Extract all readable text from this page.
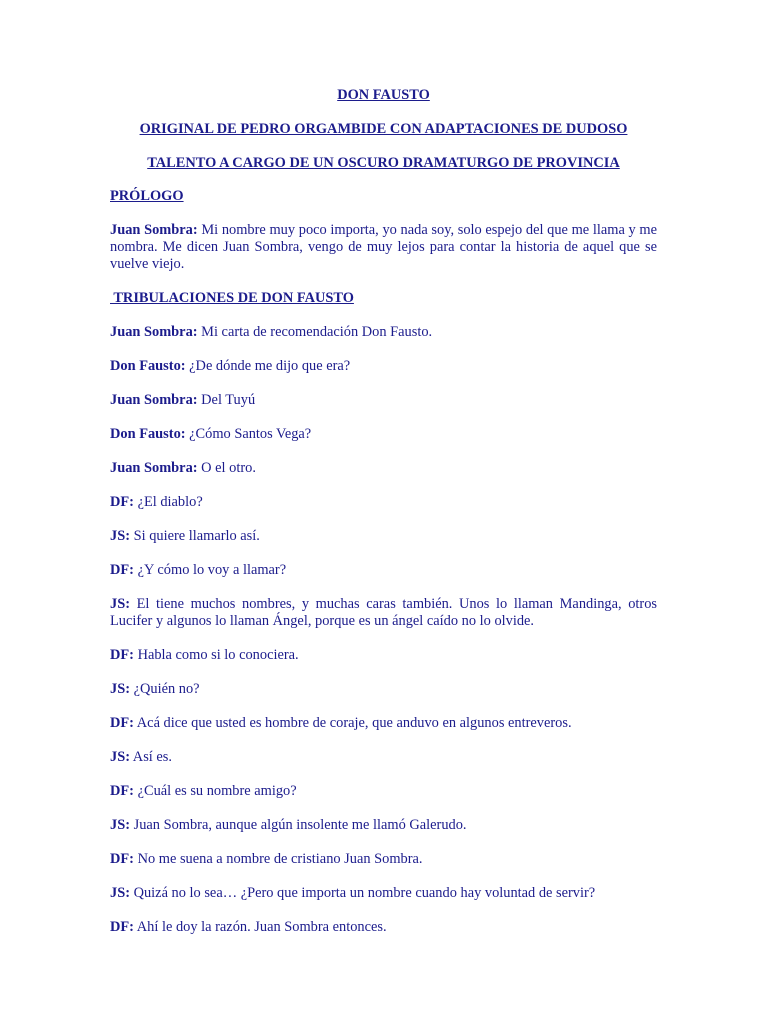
DON FAUSTO

ORIGINAL DE PEDRO ORGAMBIDE CON ADAPTACIONES DE DUDOSO

TALENTO A CARGO DE UN OSCURO DRAMATURGO DE PROVINCIA

PRÓLOGO

Juan Sombra: Mi nombre muy poco importa, yo nada soy, solo espejo del que me llama y me nombra. Me dicen Juan Sombra, vengo de muy lejos para contar la historia de aquel que se vuelve viejo.

TRIBULACIONES DE DON FAUSTO

Juan Sombra: Mi carta de recomendación Don Fausto.

Don Fausto: ¿De dónde me dijo que era?

Juan Sombra: Del Tuyú

Don Fausto: ¿Cómo Santos Vega?

Juan Sombra: O el otro.

DF: ¿El diablo?

JS: Si quiere llamarlo así.

DF: ¿Y cómo lo voy a llamar?

JS: El tiene muchos nombres, y muchas caras también. Unos lo llaman Mandinga, otros Lucifer y algunos lo llaman Ángel, porque es un ángel caído no lo olvide.

DF: Habla como si lo conociera.

JS: ¿Quién no?

DF: Acá dice que usted es hombre de coraje, que anduvo en algunos entreveros.

JS: Así es.

DF: ¿Cuál es su nombre amigo?

JS: Juan Sombra, aunque algún insolente me llamó Galerudo.

DF: No me suena a nombre de cristiano Juan Sombra.

JS: Quizá no lo sea… ¿Pero que importa un nombre cuando hay voluntad de servir?

DF: Ahí le doy la razón. Juan Sombra entonces.
